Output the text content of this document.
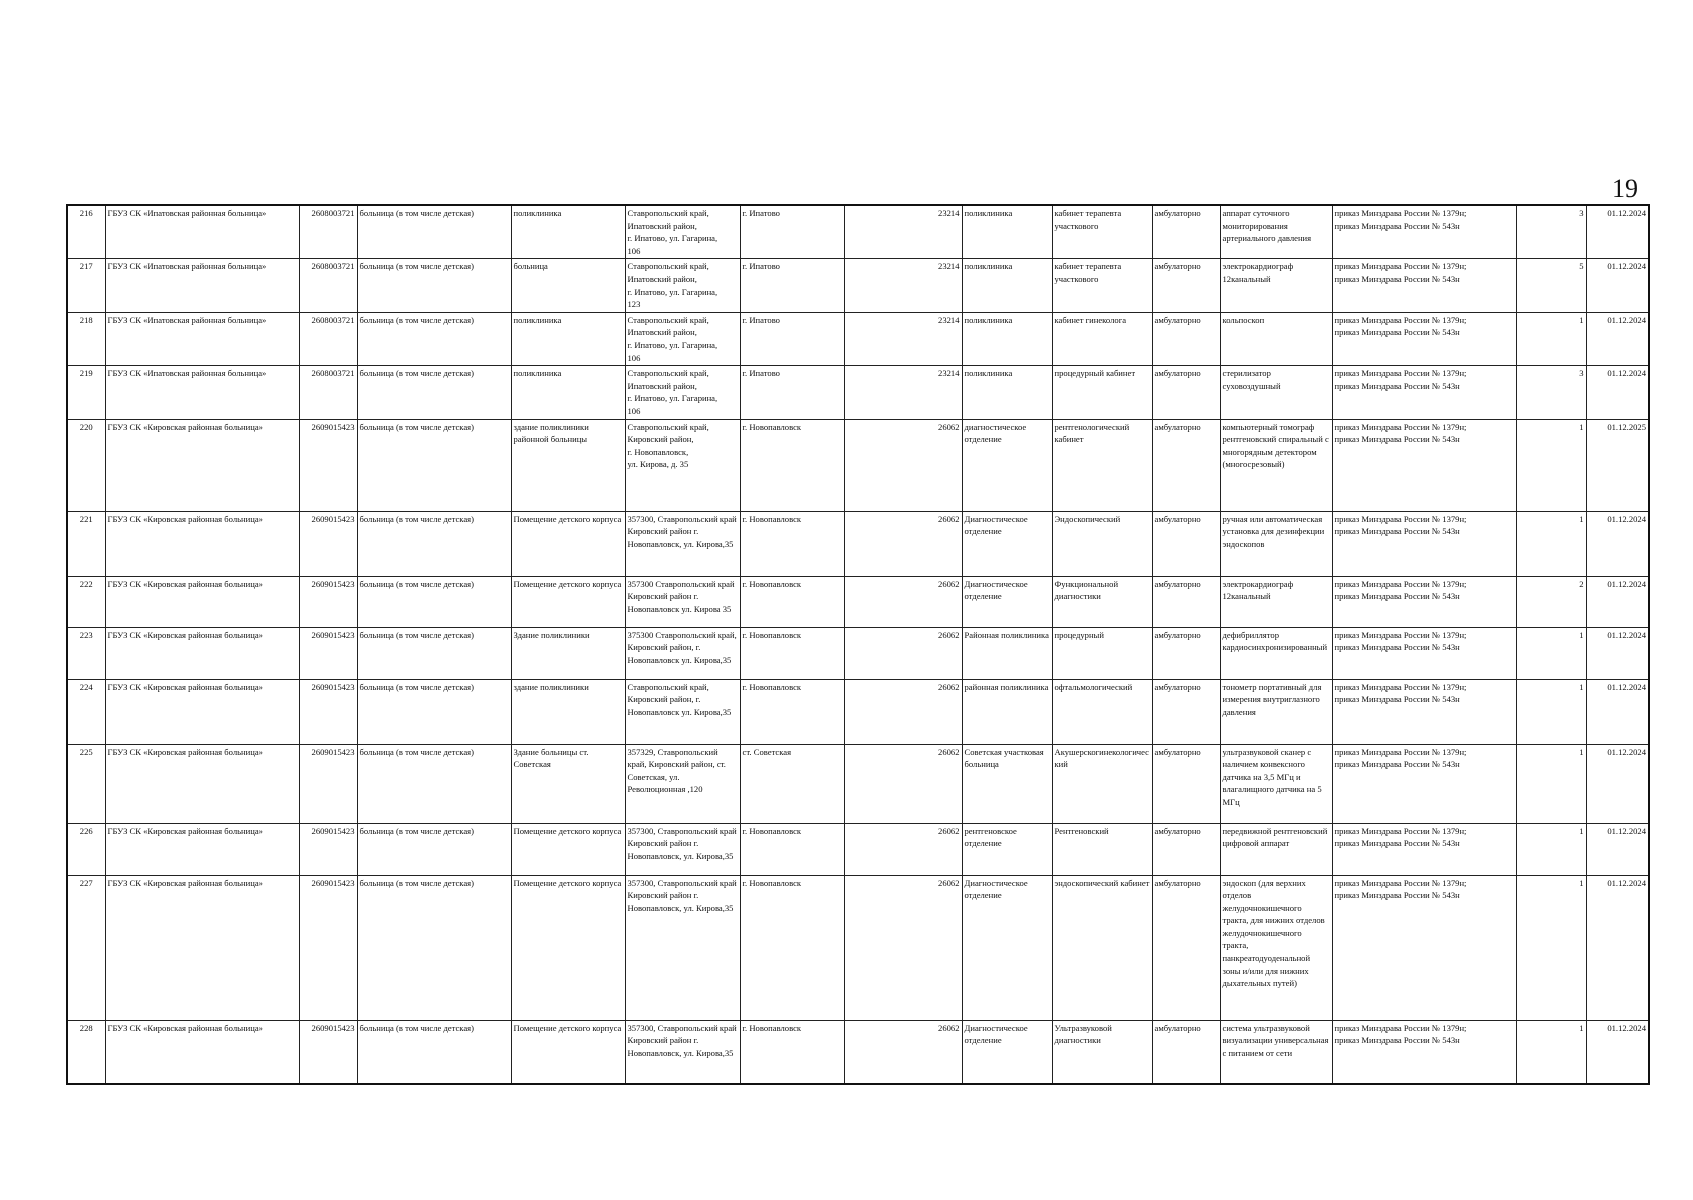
19
216	ГБУЗ СК «Ипатовская районная больница»	2608003721	больница (в том числе детская)	поликлиника	Ставропольский край,
Ипатовский район,
г. Ипатово, ул. Гагарина,
106	г. Ипатово	23214	поликлиника	кабинет терапевта участкового	амбулаторно	аппарат суточного мониторирования артериального давления	приказ Минздрава России № 1379н;
приказ Минздрава России № 543н	3	01.12.2024
217	ГБУЗ СК «Ипатовская районная больница»	2608003721	больница (в том числе детская)	больница	Ставропольский край,
Ипатовский район,
г. Ипатово, ул. Гагарина,
123	г. Ипатово	23214	поликлиника	кабинет терапевта участкового	амбулаторно	электрокардиограф 12канальный	приказ Минздрава России № 1379н;
приказ Минздрава России № 543н	5	01.12.2024
218	ГБУЗ СК «Ипатовская районная больница»	2608003721	больница (в том числе детская)	поликлиника	Ставропольский край,
Ипатовский район,
г. Ипатово, ул. Гагарина,
106	г. Ипатово	23214	поликлиника	кабинет гинеколога	амбулаторно	кольпоскоп	приказ Минздрава России № 1379н;
приказ Минздрава России № 543н	1	01.12.2024
219	ГБУЗ СК «Ипатовская районная больница»	2608003721	больница (в том числе детская)	поликлиника	Ставропольский край,
Ипатовский район,
г. Ипатово, ул. Гагарина,
106	г. Ипатово	23214	поликлиника	процедурный кабинет	амбулаторно	стерилизатор суховоздушный	приказ Минздрава России № 1379н;
приказ Минздрава России № 543н	3	01.12.2024
220	ГБУЗ СК «Кировская районная больница»	2609015423	больница (в том числе детская)	здание поликлиники районной больницы	Ставропольский край,
Кировский район,
г. Новопавловск,
ул. Кирова, д. 35	г. Новопавловск	26062	диагностическое отделение	рентгенологический кабинет	амбулаторно	компьютерный томограф рентгеновский спиральный с многорядным детектором (многосрезовый)	приказ Минздрава России № 1379н;
приказ Минздрава России № 543н	1	01.12.2025
221	ГБУЗ СК «Кировская районная больница»	2609015423	больница (в том числе детская)	Помещение детского корпуса	357300, Ставропольский край Кировский район г. Новопавловск, ул. Кирова,35	г. Новопавловск	26062	Диагностическое отделение	Эндоскопический	амбулаторно	ручная или автоматическая установка для дезинфекции эндоскопов	приказ Минздрава России № 1379н;
приказ Минздрава России № 543н	1	01.12.2024
222	ГБУЗ СК «Кировская районная больница»	2609015423	больница (в том числе детская)	Помещение детского корпуса	357300 Ставропольский край Кировский район г. Новопавловск ул. Кирова 35	г. Новопавловск	26062	Диагностическое отделение	Функциональной диагностики	амбулаторно	электрокардиограф 12канальный	приказ Минздрава России № 1379н;
приказ Минздрава России № 543н	2	01.12.2024
223	ГБУЗ СК «Кировская районная больница»	2609015423	больница (в том числе детская)	Здание поликлиники	375300 Ставропольский край, Кировский район, г. Новопавловск ул. Кирова,35	г. Новопавловск	26062	Районная поликлиника	процедурный	амбулаторно	дефибриллятор кардиосинхронизированный	приказ Минздрава России № 1379н;
приказ Минздрава России № 543н	1	01.12.2024
224	ГБУЗ СК «Кировская районная больница»	2609015423	больница (в том числе детская)	здание поликлиники	Ставропольский край, Кировский район, г. Новопавловск ул. Кирова,35	г. Новопавловск	26062	районная поликлиника	офтальмологический	амбулаторно	тонометр портативный для измерения внутриглазного давления	приказ Минздрава России № 1379н;
приказ Минздрава России № 543н	1	01.12.2024
225	ГБУЗ СК «Кировская районная больница»	2609015423	больница (в том числе детская)	Здание больницы ст. Советская	357329, Ставропольский край, Кировский район, ст. Советская, ул. Революционная ,120	ст. Советская	26062	Советская участковая больница	Акушерскогинекологический	амбулаторно	ультразвуковой сканер с наличием конвексного датчика на 3,5 МГц и влагалищного датчика на 5 МГц	приказ Минздрава России № 1379н;
приказ Минздрава России № 543н	1	01.12.2024
226	ГБУЗ СК «Кировская районная больница»	2609015423	больница (в том числе детская)	Помещение детского корпуса	357300, Ставропольский край Кировский район г. Новопавловск, ул. Кирова,35	г. Новопавловск	26062	рентгеновское отделение	Рентгеновский	амбулаторно	передвижной рентгеновский цифровой аппарат	приказ Минздрава России № 1379н;
приказ Минздрава России № 543н	1	01.12.2024
227	ГБУЗ СК «Кировская районная больница»	2609015423	больница (в том числе детская)	Помещение детского корпуса	357300, Ставропольский край Кировский район г. Новопавловск, ул. Кирова,35	г. Новопавловск	26062	Диагностическое отделение	эндоскопический кабинет	амбулаторно	эндоскоп (для верхних отделов желудочнокишечного тракта, для нижних отделов желудочнокишечного тракта, панкреатодуоденальной зоны и/или для нижних дыхательных путей)	приказ Минздрава России № 1379н;
приказ Минздрава России № 543н	1	01.12.2024
228	ГБУЗ СК «Кировская районная больница»	2609015423	больница (в том числе детская)	Помещение детского корпуса	357300, Ставропольский край Кировский район г. Новопавловск, ул. Кирова,35	г. Новопавловск	26062	Диагностическое отделение	Ультразвуковой диагностики	амбулаторно	система ультразвуковой визуализации универсальная с питанием от сети	приказ Минздрава России № 1379н;
приказ Минздрава России № 543н	1	01.12.2024
